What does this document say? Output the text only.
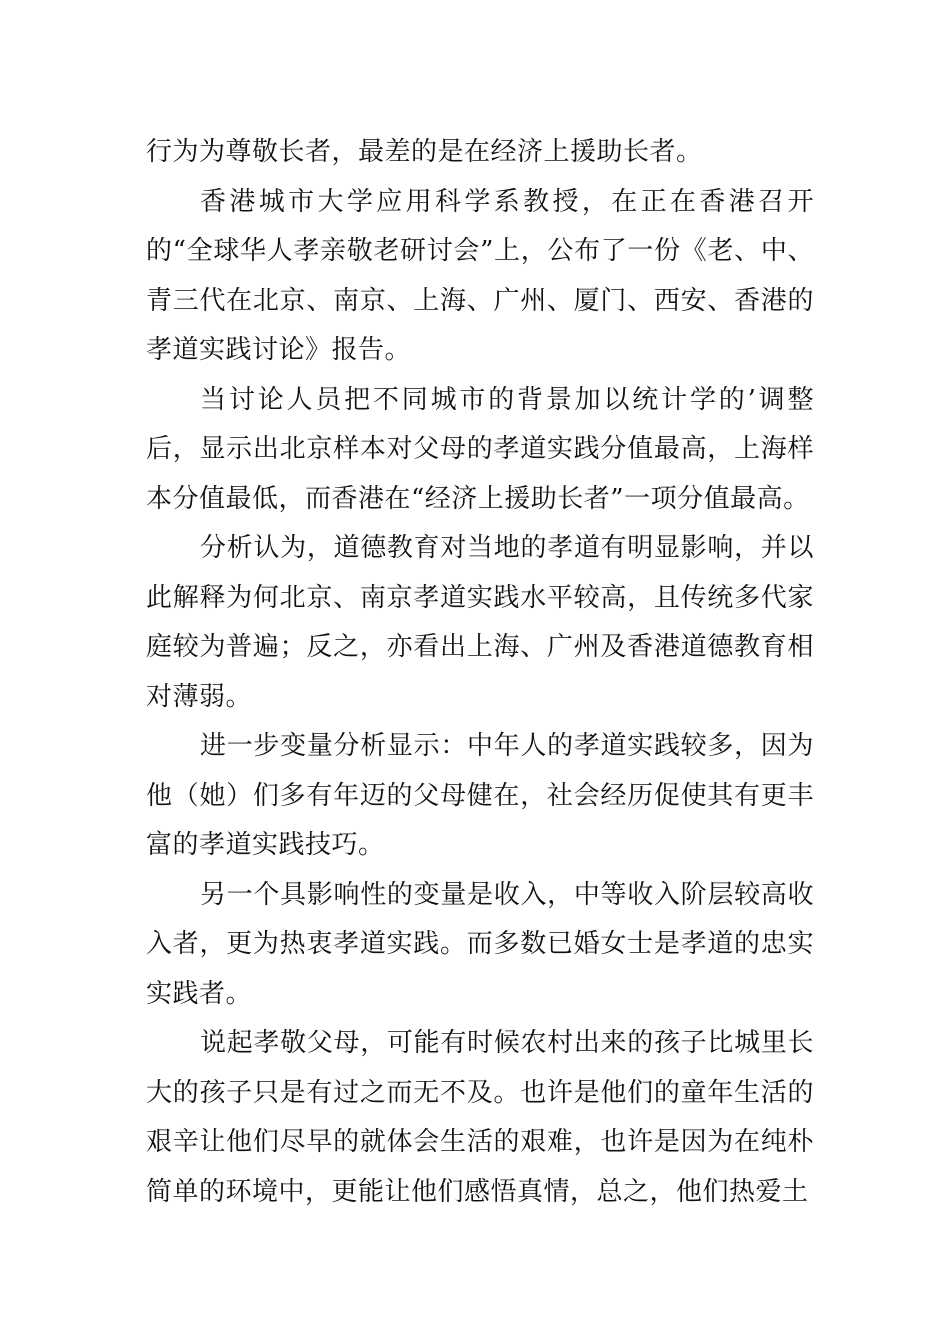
行为为尊敬长者，最差的是在经济上援助长者。

香港城市大学应用科学系教授，在正在香港召开的“全球华人孝亲敬老研讨会”上，公布了一份《老、中、青三代在北京、南京、上海、广州、厦门、西安、香港的孝道实践讨论》报告。

当讨论人员把不同城市的背景加以统计学的’调整后，显示出北京样本对父母的孝道实践分值最高，上海样本分值最低，而香港在“经济上援助长者”一项分值最高。

分析认为，道德教育对当地的孝道有明显影响，并以此解释为何北京、南京孝道实践水平较高，且传统多代家庭较为普遍；反之，亦看出上海、广州及香港道德教育相对薄弱。

进一步变量分析显示：中年人的孝道实践较多，因为他（她）们多有年迈的父母健在，社会经历促使其有更丰富的孝道实践技巧。

另一个具影响性的变量是收入，中等收入阶层较高收入者，更为热衷孝道实践。而多数已婚女士是孝道的忠实实践者。

说起孝敬父母，可能有时候农村出来的孩子比城里长大的孩子只是有过之而无不及。也许是他们的童年生活的艰辛让他们尽早的就体会生活的艰难，也许是因为在纯朴简单的环境中，更能让他们感悟真情，总之，他们热爱土
